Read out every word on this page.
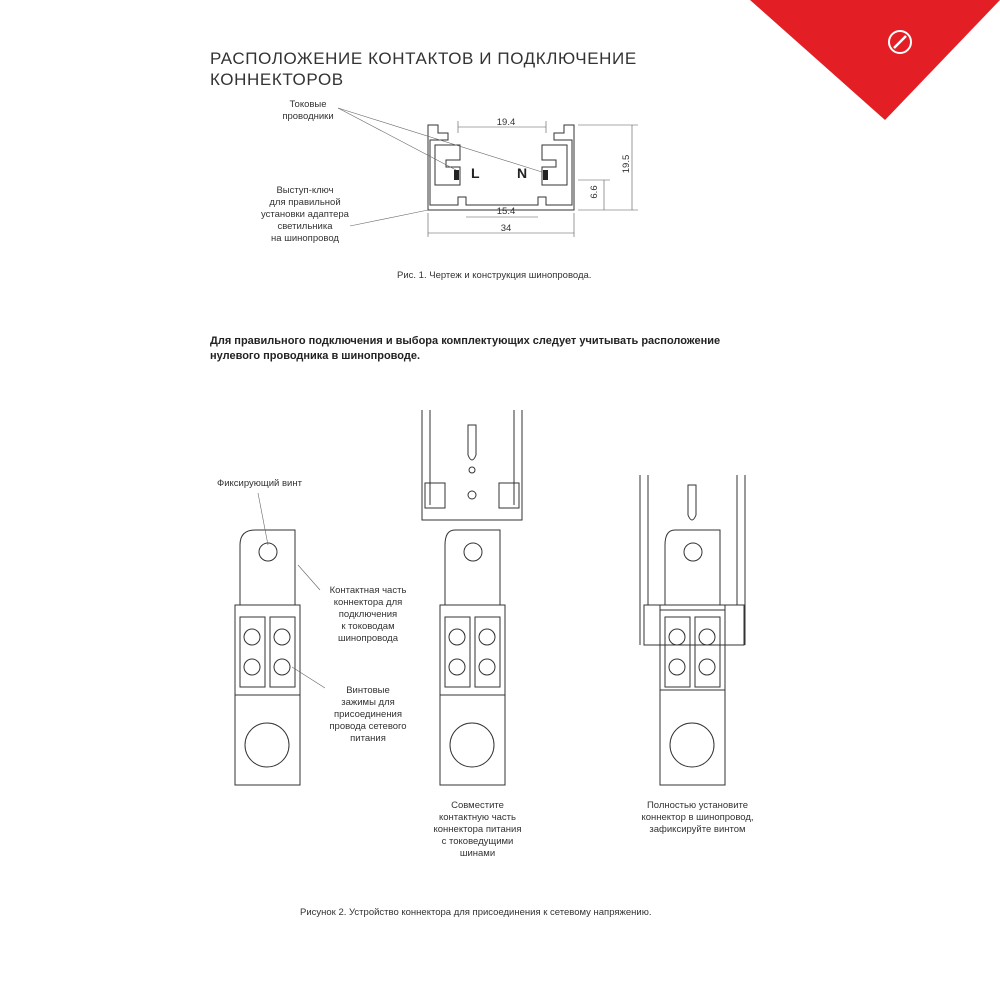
arlight
РАСПОЛОЖЕНИЕ КОНТАКТОВ И ПОДКЛЮЧЕНИЕ
КОННЕКТОРОВ
19.4
15.4
34
19.5
6.6
L	N
Токовые
проводники
Выступ-ключ
для правильной
установки адаптера
светильника
на шинопровод
Рис. 1. Чертеж и конструкция шинопровода.
Для правильного подключения и выбора комплектующих следует учитывать расположение нулевого проводника в шинопроводе.
Фиксирующий винт
Контактная часть
коннектора для
подключения
к тоководам
шинопровода
Винтовые
зажимы для
присоединения
провода сетевого
питания
Совместите
контактную часть
коннектора питания
с токоведущими
шинами
Полностью установите
коннектор в шинопровод,
зафиксируйте винтом
Рисунок 2. Устройство коннектора для присоединения к сетевому напряжению.
